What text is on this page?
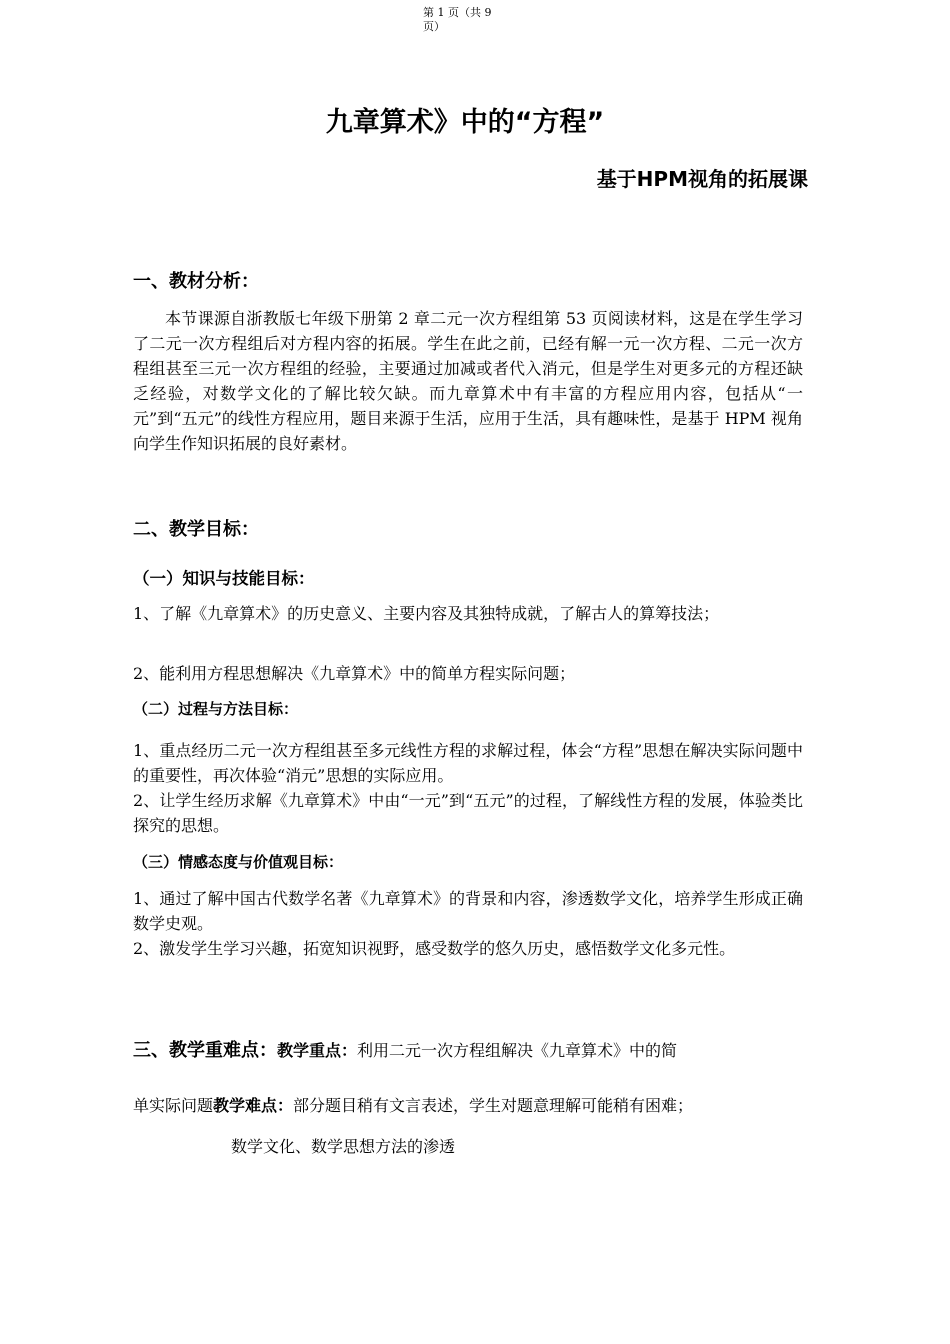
第 1 页（共 9 页）
九章算术》中的“方程”
基于HPM视角的拓展课
一、教材分析：
本节课源自浙教版七年级下册第 2 章二元一次方程组第 53 页阅读材料，这是在学生学习了二元一次方程组后对方程内容的拓展。学生在此之前，已经有解一元一次方程、二元一次方程组甚至三元一次方程组的经验，主要通过加减或者代入消元，但是学生对更多元的方程还缺乏经验，对数学文化的了解比较欠缺。而九章算术中有丰富的方程应用内容，包括从“一元”到“五元”的线性方程应用，题目来源于生活，应用于生活，具有趣味性，是基于 HPM 视角向学生作知识拓展的良好素材。
二、教学目标：
（一）知识与技能目标：
1、了解《九章算术》的历史意义、主要内容及其独特成就，了解古人的算筹技法；
2、能利用方程思想解决《九章算术》中的简单方程实际问题；
（二）过程与方法目标：
1、重点经历二元一次方程组甚至多元线性方程的求解过程，体会“方程”思想在解决实际问题中的重要性，再次体验“消元”思想的实际应用。
2、让学生经历求解《九章算术》中由“一元”到“五元”的过程，了解线性方程的发展，体验类比探究的思想。
（三）情感态度与价值观目标：
1、通过了解中国古代数学名著《九章算术》的背景和内容，渗透数学文化，培养学生形成正确数学史观。
2、激发学生学习兴趣，拓宽知识视野，感受数学的悠久历史，感悟数学文化多元性。
三、教学重难点：教学重点：利用二元一次方程组解决《九章算术》中的简
单实际问题教学难点：部分题目稍有文言表述，学生对题意理解可能稍有困难；
数学文化、数学思想方法的渗透
